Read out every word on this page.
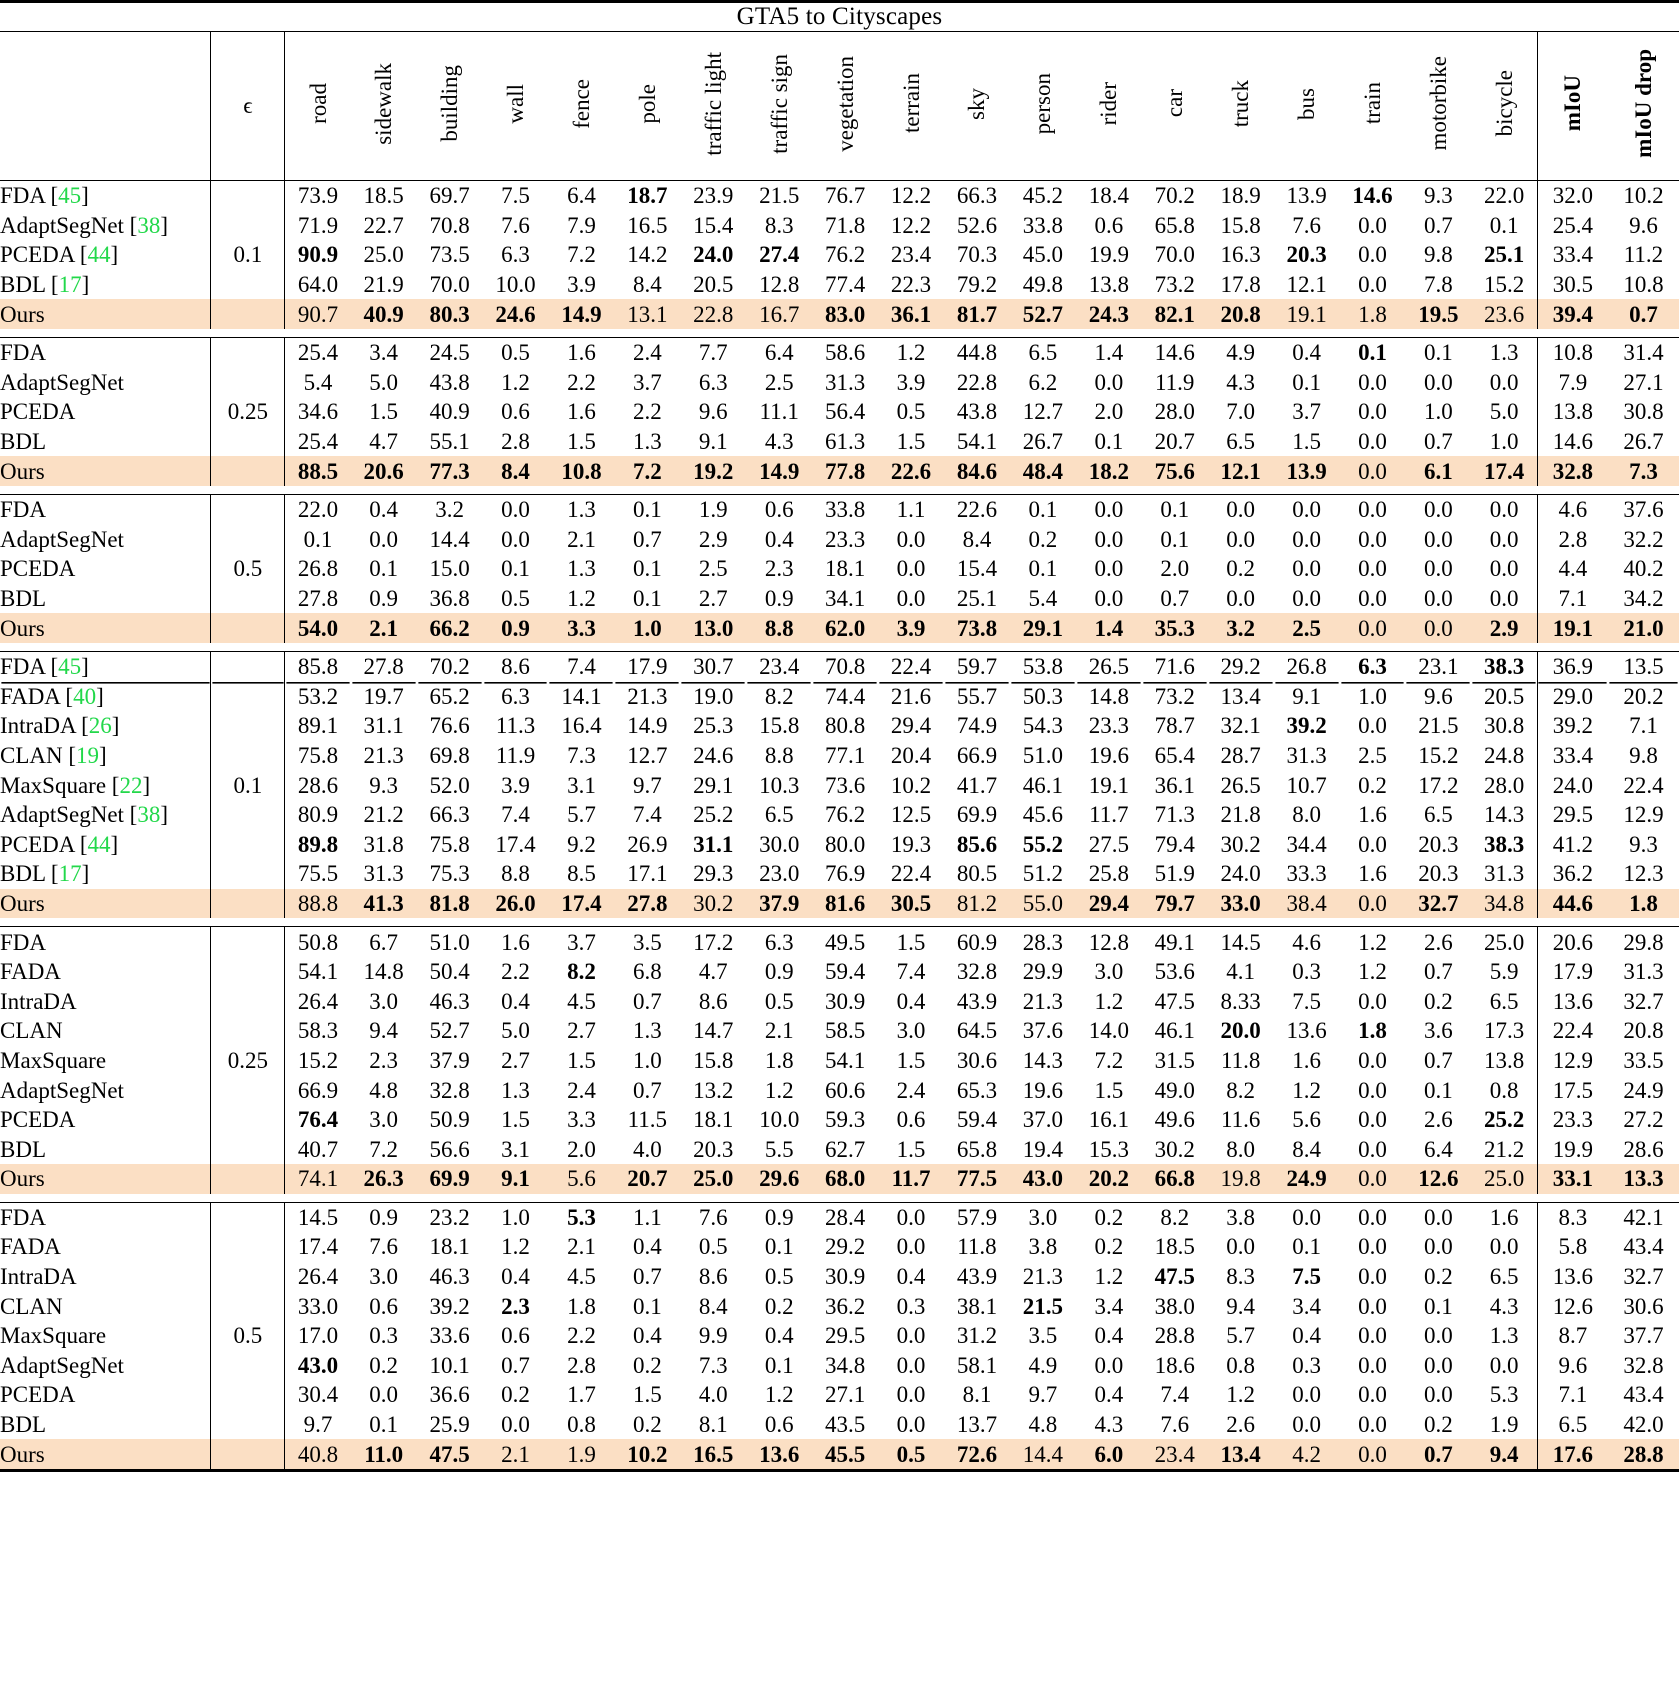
GTA5 to Cityscapes																						
	ϵ	road	sidewalk	building	wall	fence	pole	traffic light	traffic sign	vegetation	terrain	sky	person	rider	car	truck	bus	train	motorbike	bicycle	mIoU	mIoU drop
FDA [45]		73.9	18.5	69.7	7.5	6.4	18.7	23.9	21.5	76.7	12.2	66.3	45.2	18.4	70.2	18.9	13.9	14.6	9.3	22.0	32.0	10.2
AdaptSegNet [38]		71.9	22.7	70.8	7.6	7.9	16.5	15.4	8.3	71.8	12.2	52.6	33.8	0.6	65.8	15.8	7.6	0.0	0.7	0.1	25.4	9.6
PCEDA [44]	0.1	90.9	25.0	73.5	6.3	7.2	14.2	24.0	27.4	76.2	23.4	70.3	45.0	19.9	70.0	16.3	20.3	0.0	9.8	25.1	33.4	11.2
BDL [17]		64.0	21.9	70.0	10.0	3.9	8.4	20.5	12.8	77.4	22.3	79.2	49.8	13.8	73.2	17.8	12.1	0.0	7.8	15.2	30.5	10.8
Ours		90.7	40.9	80.3	24.6	14.9	13.1	22.8	16.7	83.0	36.1	81.7	52.7	24.3	82.1	20.8	19.1	1.8	19.5	23.6	39.4	0.7

FDA		25.4	3.4	24.5	0.5	1.6	2.4	7.7	6.4	58.6	1.2	44.8	6.5	1.4	14.6	4.9	0.4	0.1	0.1	1.3	10.8	31.4
AdaptSegNet		5.4	5.0	43.8	1.2	2.2	3.7	6.3	2.5	31.3	3.9	22.8	6.2	0.0	11.9	4.3	0.1	0.0	0.0	0.0	7.9	27.1
PCEDA	0.25	34.6	1.5	40.9	0.6	1.6	2.2	9.6	11.1	56.4	0.5	43.8	12.7	2.0	28.0	7.0	3.7	0.0	1.0	5.0	13.8	30.8
BDL		25.4	4.7	55.1	2.8	1.5	1.3	9.1	4.3	61.3	1.5	54.1	26.7	0.1	20.7	6.5	1.5	0.0	0.7	1.0	14.6	26.7
Ours		88.5	20.6	77.3	8.4	10.8	7.2	19.2	14.9	77.8	22.6	84.6	48.4	18.2	75.6	12.1	13.9	0.0	6.1	17.4	32.8	7.3

FDA		22.0	0.4	3.2	0.0	1.3	0.1	1.9	0.6	33.8	1.1	22.6	0.1	0.0	0.1	0.0	0.0	0.0	0.0	0.0	4.6	37.6
AdaptSegNet		0.1	0.0	14.4	0.0	2.1	0.7	2.9	0.4	23.3	0.0	8.4	0.2	0.0	0.1	0.0	0.0	0.0	0.0	0.0	2.8	32.2
PCEDA	0.5	26.8	0.1	15.0	0.1	1.3	0.1	2.5	2.3	18.1	0.0	15.4	0.1	0.0	2.0	0.2	0.0	0.0	0.0	0.0	4.4	40.2
BDL		27.8	0.9	36.8	0.5	1.2	0.1	2.7	0.9	34.1	0.0	25.1	5.4	0.0	0.7	0.0	0.0	0.0	0.0	0.0	7.1	34.2
Ours		54.0	2.1	66.2	0.9	3.3	1.0	13.0	8.8	62.0	3.9	73.8	29.1	1.4	35.3	3.2	2.5	0.0	0.0	2.9	19.1	21.0

FDA [45]		85.8	27.8	70.2	8.6	7.4	17.9	30.7	23.4	70.8	22.4	59.7	53.8	26.5	71.6	29.2	26.8	6.3	23.1	38.3	36.9	13.5
FADA [40]		53.2	19.7	65.2	6.3	14.1	21.3	19.0	8.2	74.4	21.6	55.7	50.3	14.8	73.2	13.4	9.1	1.0	9.6	20.5	29.0	20.2
IntraDA [26]		89.1	31.1	76.6	11.3	16.4	14.9	25.3	15.8	80.8	29.4	74.9	54.3	23.3	78.7	32.1	39.2	0.0	21.5	30.8	39.2	7.1
CLAN [19]		75.8	21.3	69.8	11.9	7.3	12.7	24.6	8.8	77.1	20.4	66.9	51.0	19.6	65.4	28.7	31.3	2.5	15.2	24.8	33.4	9.8
MaxSquare [22]	0.1	28.6	9.3	52.0	3.9	3.1	9.7	29.1	10.3	73.6	10.2	41.7	46.1	19.1	36.1	26.5	10.7	0.2	17.2	28.0	24.0	22.4
AdaptSegNet [38]		80.9	21.2	66.3	7.4	5.7	7.4	25.2	6.5	76.2	12.5	69.9	45.6	11.7	71.3	21.8	8.0	1.6	6.5	14.3	29.5	12.9
PCEDA [44]		89.8	31.8	75.8	17.4	9.2	26.9	31.1	30.0	80.0	19.3	85.6	55.2	27.5	79.4	30.2	34.4	0.0	20.3	38.3	41.2	9.3
BDL [17]		75.5	31.3	75.3	8.8	8.5	17.1	29.3	23.0	76.9	22.4	80.5	51.2	25.8	51.9	24.0	33.3	1.6	20.3	31.3	36.2	12.3
Ours		88.8	41.3	81.8	26.0	17.4	27.8	30.2	37.9	81.6	30.5	81.2	55.0	29.4	79.7	33.0	38.4	0.0	32.7	34.8	44.6	1.8

FDA		50.8	6.7	51.0	1.6	3.7	3.5	17.2	6.3	49.5	1.5	60.9	28.3	12.8	49.1	14.5	4.6	1.2	2.6	25.0	20.6	29.8
FADA		54.1	14.8	50.4	2.2	8.2	6.8	4.7	0.9	59.4	7.4	32.8	29.9	3.0	53.6	4.1	0.3	1.2	0.7	5.9	17.9	31.3
IntraDA		26.4	3.0	46.3	0.4	4.5	0.7	8.6	0.5	30.9	0.4	43.9	21.3	1.2	47.5	8.33	7.5	0.0	0.2	6.5	13.6	32.7
CLAN		58.3	9.4	52.7	5.0	2.7	1.3	14.7	2.1	58.5	3.0	64.5	37.6	14.0	46.1	20.0	13.6	1.8	3.6	17.3	22.4	20.8
MaxSquare	0.25	15.2	2.3	37.9	2.7	1.5	1.0	15.8	1.8	54.1	1.5	30.6	14.3	7.2	31.5	11.8	1.6	0.0	0.7	13.8	12.9	33.5
AdaptSegNet		66.9	4.8	32.8	1.3	2.4	0.7	13.2	1.2	60.6	2.4	65.3	19.6	1.5	49.0	8.2	1.2	0.0	0.1	0.8	17.5	24.9
PCEDA		76.4	3.0	50.9	1.5	3.3	11.5	18.1	10.0	59.3	0.6	59.4	37.0	16.1	49.6	11.6	5.6	0.0	2.6	25.2	23.3	27.2
BDL		40.7	7.2	56.6	3.1	2.0	4.0	20.3	5.5	62.7	1.5	65.8	19.4	15.3	30.2	8.0	8.4	0.0	6.4	21.2	19.9	28.6
Ours		74.1	26.3	69.9	9.1	5.6	20.7	25.0	29.6	68.0	11.7	77.5	43.0	20.2	66.8	19.8	24.9	0.0	12.6	25.0	33.1	13.3

FDA		14.5	0.9	23.2	1.0	5.3	1.1	7.6	0.9	28.4	0.0	57.9	3.0	0.2	8.2	3.8	0.0	0.0	0.0	1.6	8.3	42.1
FADA		17.4	7.6	18.1	1.2	2.1	0.4	0.5	0.1	29.2	0.0	11.8	3.8	0.2	18.5	0.0	0.1	0.0	0.0	0.0	5.8	43.4
IntraDA		26.4	3.0	46.3	0.4	4.5	0.7	8.6	0.5	30.9	0.4	43.9	21.3	1.2	47.5	8.3	7.5	0.0	0.2	6.5	13.6	32.7
CLAN		33.0	0.6	39.2	2.3	1.8	0.1	8.4	0.2	36.2	0.3	38.1	21.5	3.4	38.0	9.4	3.4	0.0	0.1	4.3	12.6	30.6
MaxSquare	0.5	17.0	0.3	33.6	0.6	2.2	0.4	9.9	0.4	29.5	0.0	31.2	3.5	0.4	28.8	5.7	0.4	0.0	0.0	1.3	8.7	37.7
AdaptSegNet		43.0	0.2	10.1	0.7	2.8	0.2	7.3	0.1	34.8	0.0	58.1	4.9	0.0	18.6	0.8	0.3	0.0	0.0	0.0	9.6	32.8
PCEDA		30.4	0.0	36.6	0.2	1.7	1.5	4.0	1.2	27.1	0.0	8.1	9.7	0.4	7.4	1.2	0.0	0.0	0.0	5.3	7.1	43.4
BDL		9.7	0.1	25.9	0.0	0.8	0.2	8.1	0.6	43.5	0.0	13.7	4.8	4.3	7.6	2.6	0.0	0.0	0.2	1.9	6.5	42.0
Ours		40.8	11.0	47.5	2.1	1.9	10.2	16.5	13.6	45.5	0.5	72.6	14.4	6.0	23.4	13.4	4.2	0.0	0.7	9.4	17.6	28.8
